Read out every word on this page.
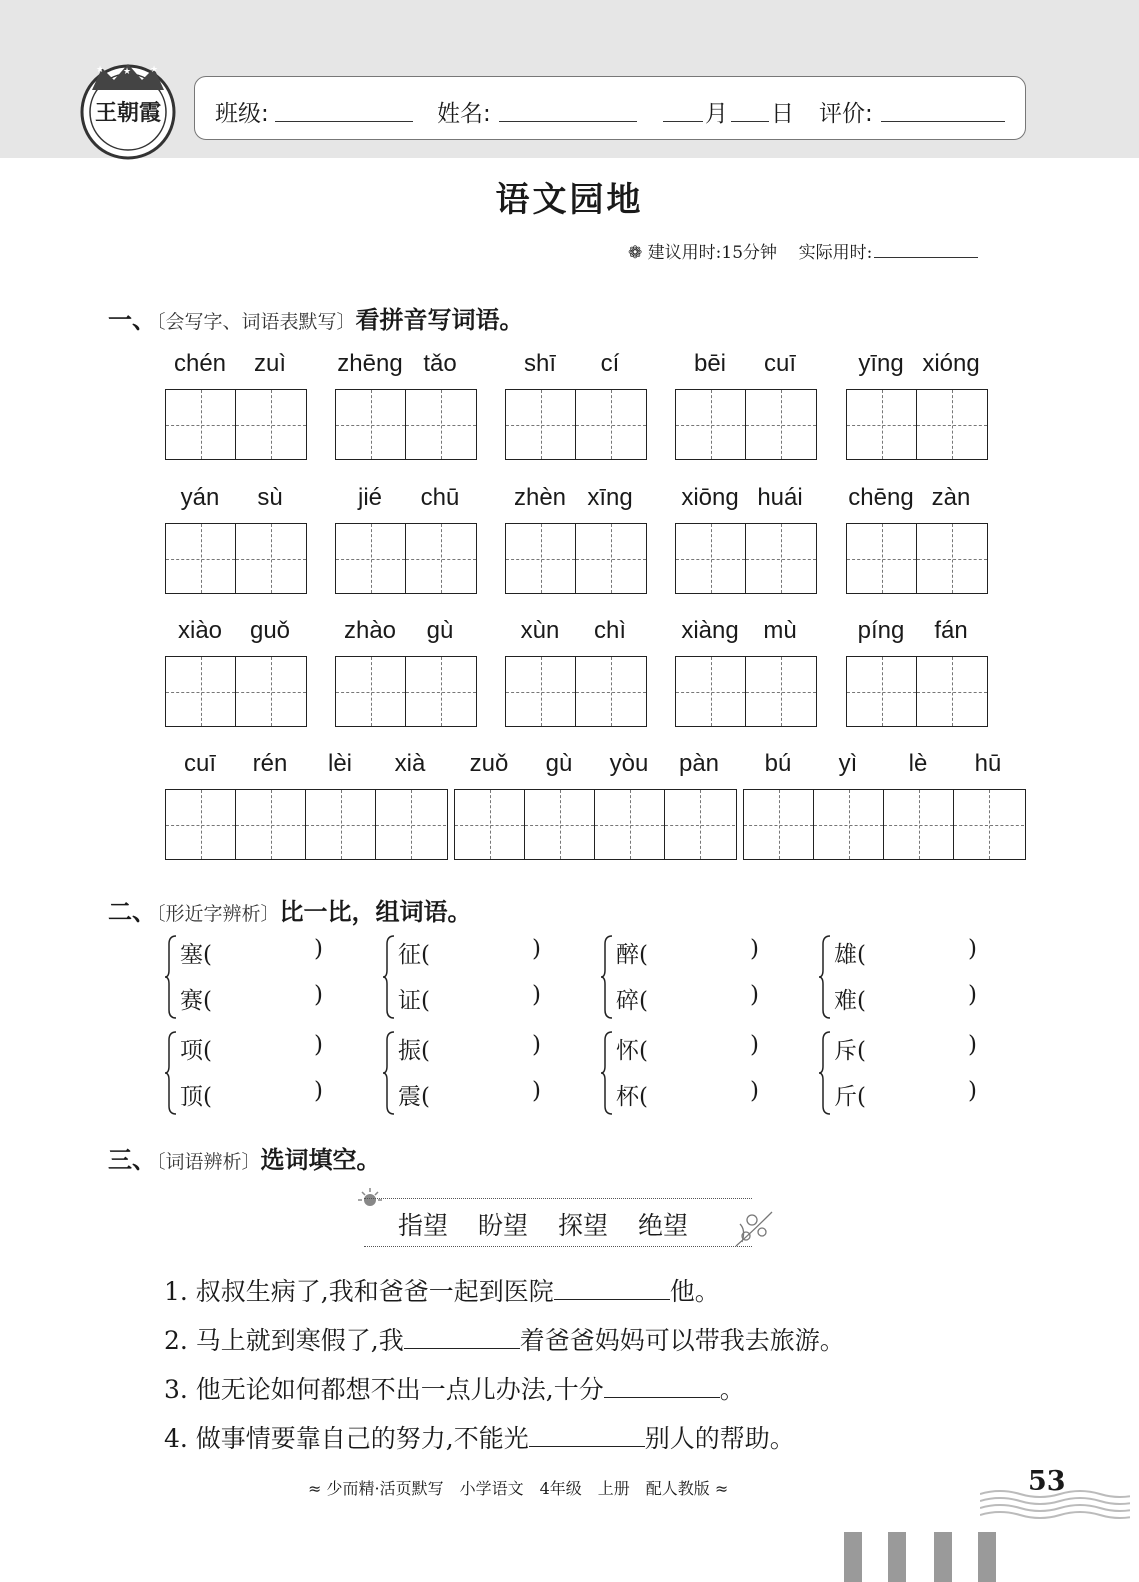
★ ★ ★
王朝霞 班级:	姓名:	月 日 评价:
语文园地
❁ 建议用时:15分钟 实际用时:
一、〔会写字、词语表默写〕看拼音写词语。
chén	zuì	zhēng tǎo	shī	cí	bēi	cuī	yīng xióng
yán	sù	jié	chū	zhèn xīng	xiōng huái	chēng zàn
xiào	guǒ	zhào	gù	xùn	chì	xiàng	mù	píng	fán
cuī	rén	lèi	xià	zuǒ	gù	yòu	pàn	bú	yì	lè	hū
二、〔形近字辨析〕比一比，组词语。
塞(	)
赛(	)
征(	)
证(	)
醉(	)
碎(	)
雄(	)
难(	)
项(	)
顶(	)
振(	)
震(	)
怀(	)
杯(	)
斥(	)
斤(	)
三、〔词语辨析〕选词填空。
指望 盼望 探望 绝望
1. 叔叔生病了,我和爸爸一起到医院	他。
2. 马上就到寒假了,我	着爸爸妈妈可以带我去旅游。
3. 他无论如何都想不出一点儿办法,十分	。
4. 做事情要靠自己的努力,不能光	别人的帮助。
≈ 少而精·活页默写　小学语文　4年级　上册　配人教版 ≈	53
